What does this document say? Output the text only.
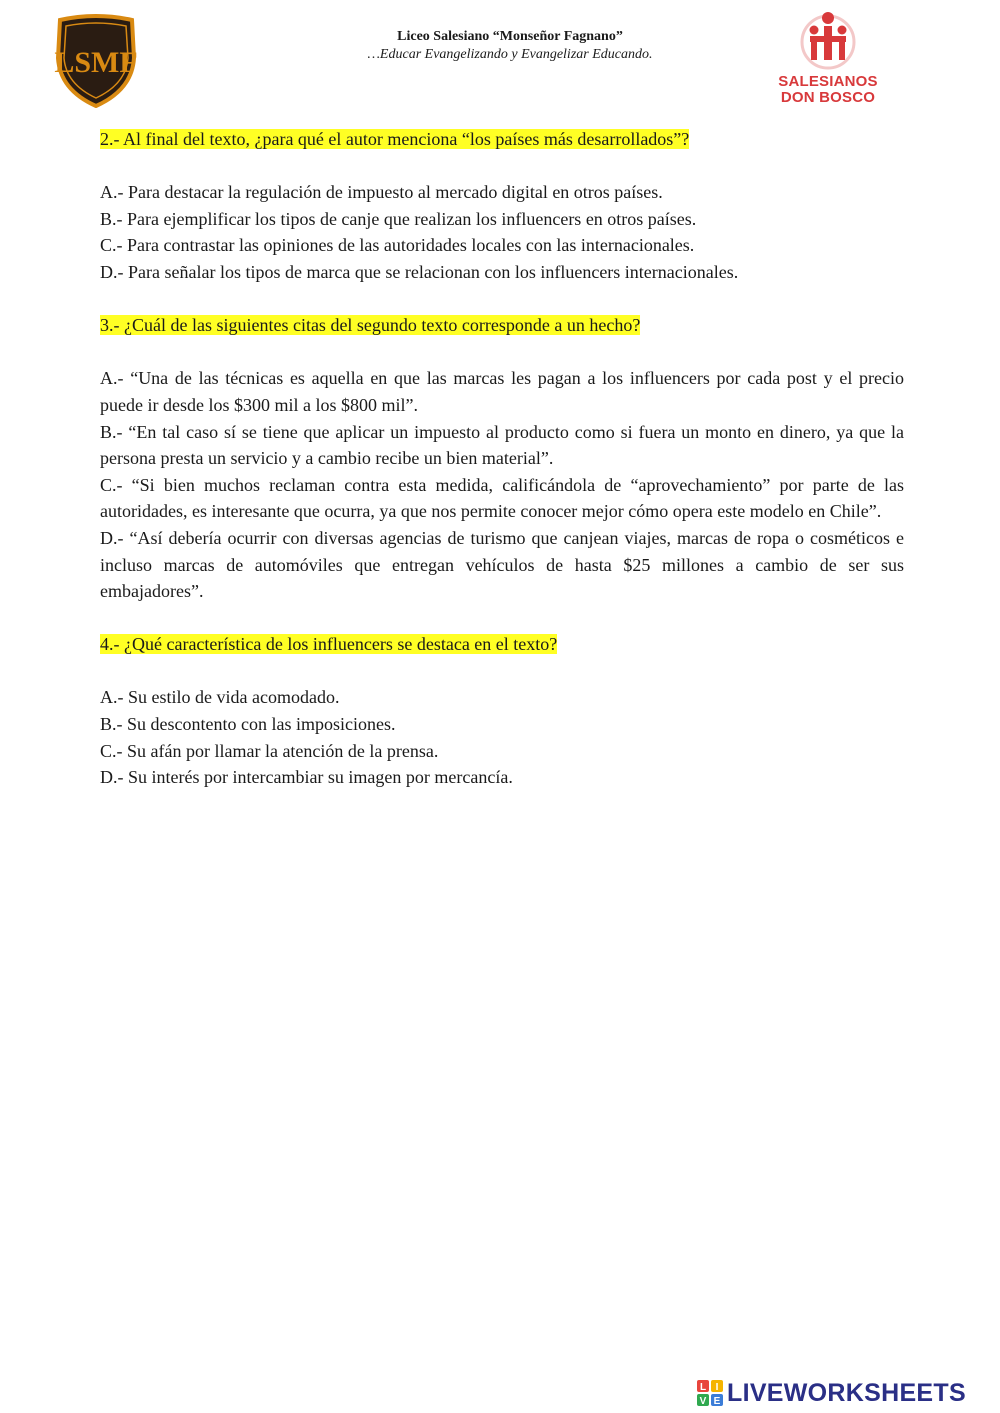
LSMF
Liceo Salesiano “Monseñor Fagnano”
…Educar Evangelizando y Evangelizar Educando.
SALESIANOS
DON BOSCO

2.- Al final del texto, ¿para qué el autor menciona “los países más desarrollados”?

A.- Para destacar la regulación de impuesto al mercado digital en otros países.

B.- Para ejemplificar los tipos de canje que realizan los influencers en otros países.

C.- Para contrastar las opiniones de las autoridades locales con las internacionales.

D.- Para señalar los tipos de marca que se relacionan con los influencers internacionales.

3.- ¿Cuál de las siguientes citas del segundo texto corresponde a un hecho?

A.- “Una de las técnicas es aquella en que las marcas les pagan a los influencers por cada post y el precio puede ir desde los $300 mil a los $800 mil”.

B.- “En tal caso sí se tiene que aplicar un impuesto al producto como si fuera un monto en dinero, ya que la persona presta un servicio y a cambio recibe un bien material”.

C.- “Si bien muchos reclaman contra esta medida, calificándola de “aprovechamiento” por parte de las autoridades, es interesante que ocurra, ya que nos permite conocer mejor cómo opera este modelo en Chile”.

D.- “Así debería ocurrir con diversas agencias de turismo que canjean viajes, marcas de ropa o cosméticos e incluso marcas de automóviles que entregan vehículos de hasta $25 millones a cambio de ser sus embajadores”.

4.- ¿Qué característica de los influencers se destaca en el texto?

A.- Su estilo de vida acomodado.

B.- Su descontento con las imposiciones.

C.- Su afán por llamar la atención de la prensa.

D.- Su interés por intercambiar su imagen por mercancía.

L I
V E LIVEWORKSHEETS
